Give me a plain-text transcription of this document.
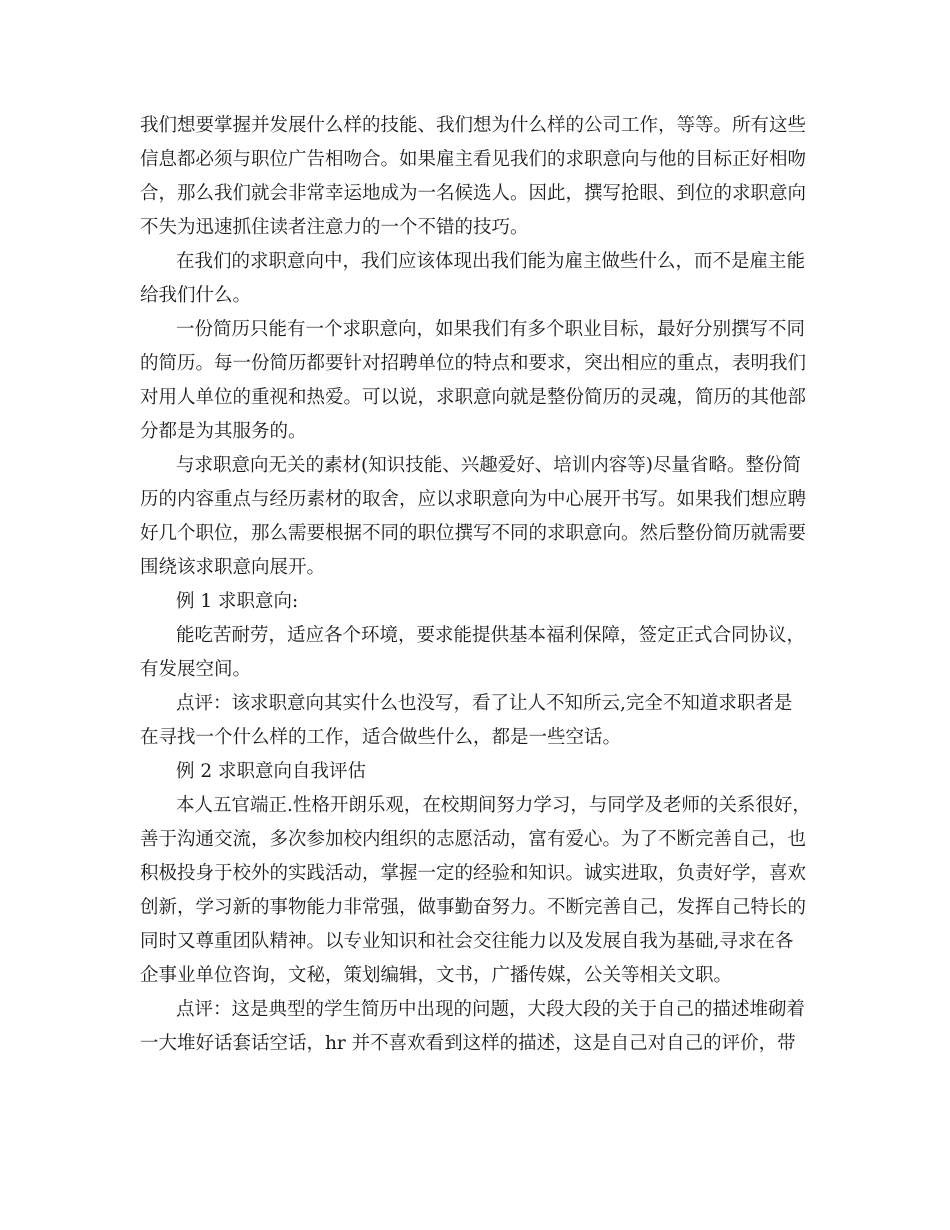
我们想要掌握并发展什么样的技能、我们想为什么样的公司工作，等等。所有这些
信息都必须与职位广告相吻合。如果雇主看见我们的求职意向与他的目标正好相吻
合，那么我们就会非常幸运地成为一名候选人。因此，撰写抢眼、到位的求职意向
不失为迅速抓住读者注意力的一个不错的技巧。
在我们的求职意向中，我们应该体现出我们能为雇主做些什么，而不是雇主能
给我们什么。
一份简历只能有一个求职意向，如果我们有多个职业目标，最好分别撰写不同
的简历。每一份简历都要针对招聘单位的特点和要求，突出相应的重点，表明我们
对用人单位的重视和热爱。可以说，求职意向就是整份简历的灵魂，简历的其他部
分都是为其服务的。
与求职意向无关的素材(知识技能、兴趣爱好、培训内容等)尽量省略。整份简
历的内容重点与经历素材的取舍，应以求职意向为中心展开书写。如果我们想应聘
好几个职位，那么需要根据不同的职位撰写不同的求职意向。然后整份简历就需要
围绕该求职意向展开。
例 1 求职意向:
能吃苦耐劳，适应各个环境，要求能提供基本福利保障，签定正式合同协议，
有发展空间。
点评：该求职意向其实什么也没写，看了让人不知所云,完全不知道求职者是
在寻找一个什么样的工作，适合做些什么，都是一些空话。
例 2 求职意向自我评估
本人五官端正.性格开朗乐观，在校期间努力学习，与同学及老师的关系很好，
善于沟通交流，多次参加校内组织的志愿活动，富有爱心。为了不断完善自己，也
积极投身于校外的实践活动，掌握一定的经验和知识。诚实进取，负责好学，喜欢
创新，学习新的事物能力非常强，做事勤奋努力。不断完善自己，发挥自己特长的
同时又尊重团队精神。以专业知识和社会交往能力以及发展自我为基础,寻求在各
企事业单位咨询，文秘，策划编辑，文书，广播传媒，公关等相关文职。
点评：这是典型的学生简历中出现的问题，大段大段的关于自己的描述堆砌着
一大堆好话套话空话，hr 并不喜欢看到这样的描述，这是自己对自己的评价，带
